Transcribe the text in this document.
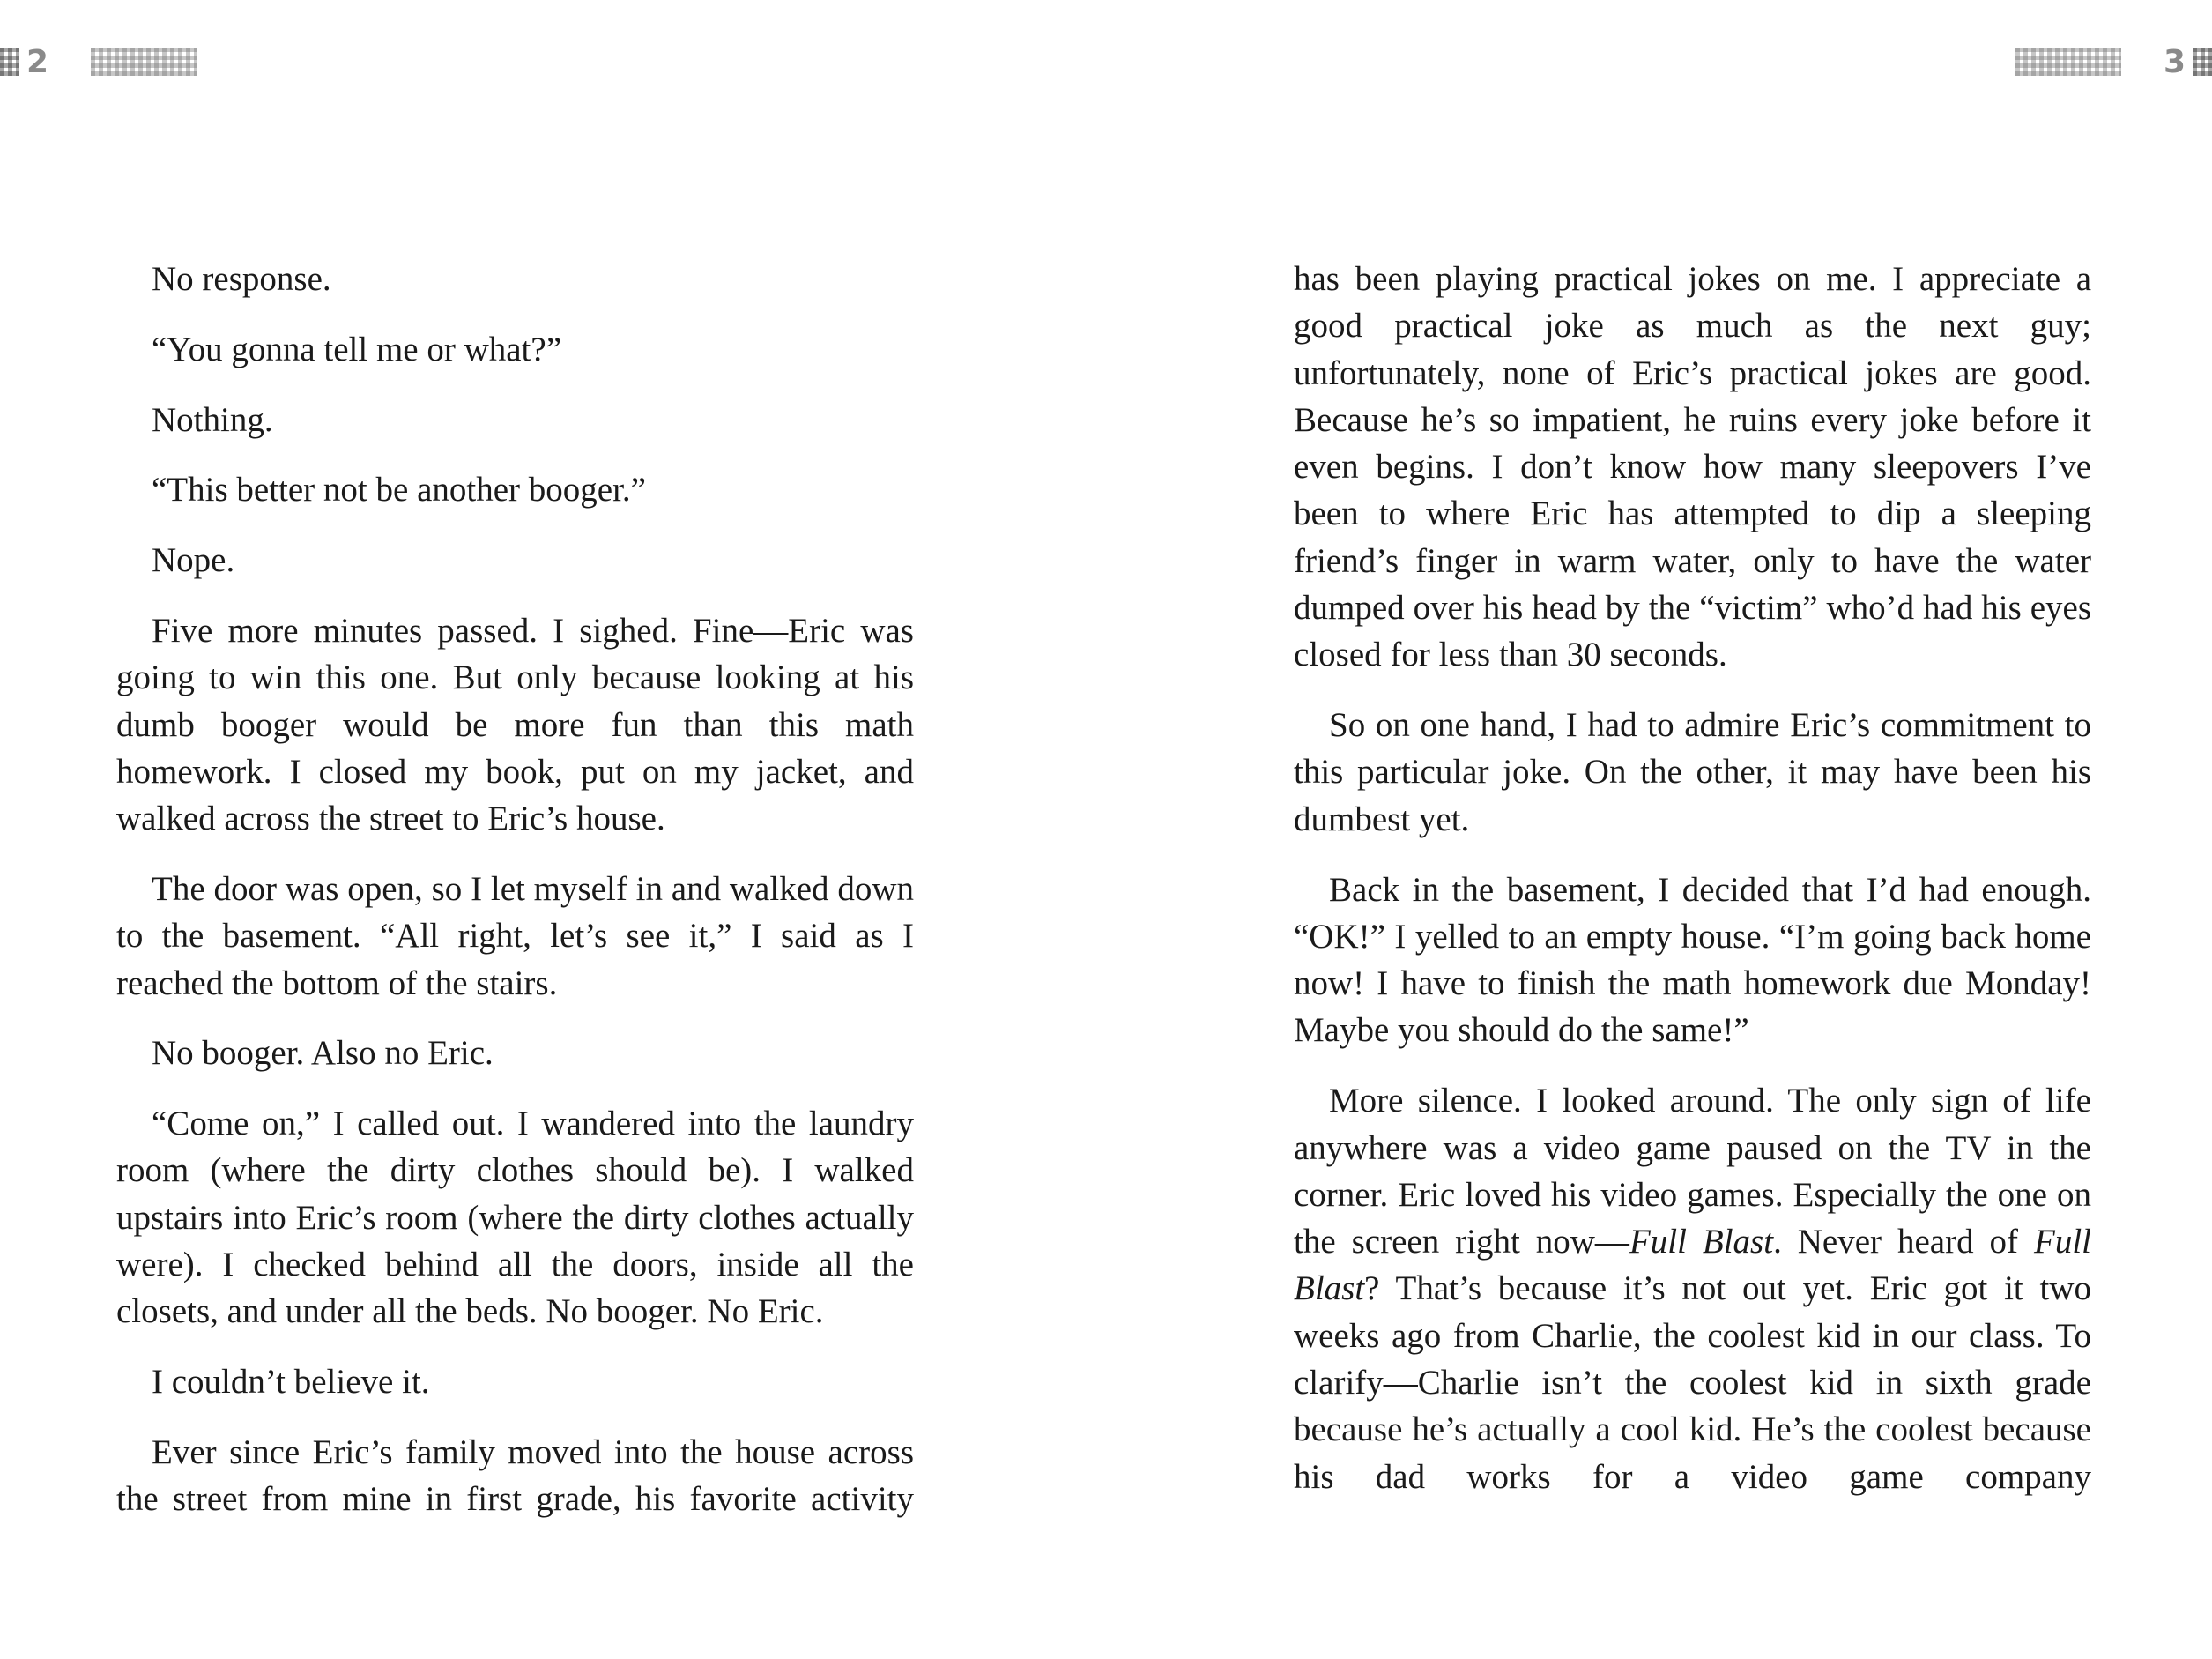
2

No response.

“You gonna tell me or what?”

Nothing.

“This better not be another booger.”

Nope.

Five more minutes passed. I sighed. Fine—Eric was going to win this one. But only because looking at his dumb booger would be more fun than this math homework. I closed my book, put on my jacket, and walked across the street to Eric’s house.

The door was open, so I let myself in and walked down to the basement. “All right, let’s see it,” I said as I reached the bottom of the stairs.

No booger. Also no Eric.

“Come on,” I called out. I wandered into the laundry room (where the dirty clothes should be). I walked upstairs into Eric’s room (where the dirty clothes actually were). I checked behind all the doors, inside all the closets, and under all the beds. No booger. No Eric.

I couldn’t believe it.

Ever since Eric’s family moved into the house across the street from mine in first grade, his favorite activity

3

has been playing practical jokes on me. I appreciate a good practical joke as much as the next guy; unfortunately, none of Eric’s practical jokes are good. Because he’s so impatient, he ruins every joke before it even begins. I don’t know how many sleepovers I’ve been to where Eric has attempted to dip a sleeping friend’s finger in warm water, only to have the water dumped over his head by the “victim” who’d had his eyes closed for less than 30 seconds.

So on one hand, I had to admire Eric’s commitment to this particular joke. On the other, it may have been his dumbest yet.

Back in the basement, I decided that I’d had enough. “OK!” I yelled to an empty house. “I’m going back home now! I have to finish the math homework due Monday! Maybe you should do the same!”

More silence. I looked around. The only sign of life anywhere was a video game paused on the TV in the corner. Eric loved his video games. Especially the one on the screen right now—Full Blast. Never heard of Full Blast? That’s because it’s not out yet. Eric got it two weeks ago from Charlie, the coolest kid in our class. To clarify—Charlie isn’t the coolest kid in sixth grade because he’s actually a cool kid. He’s the coolest because his dad works for a video game company
